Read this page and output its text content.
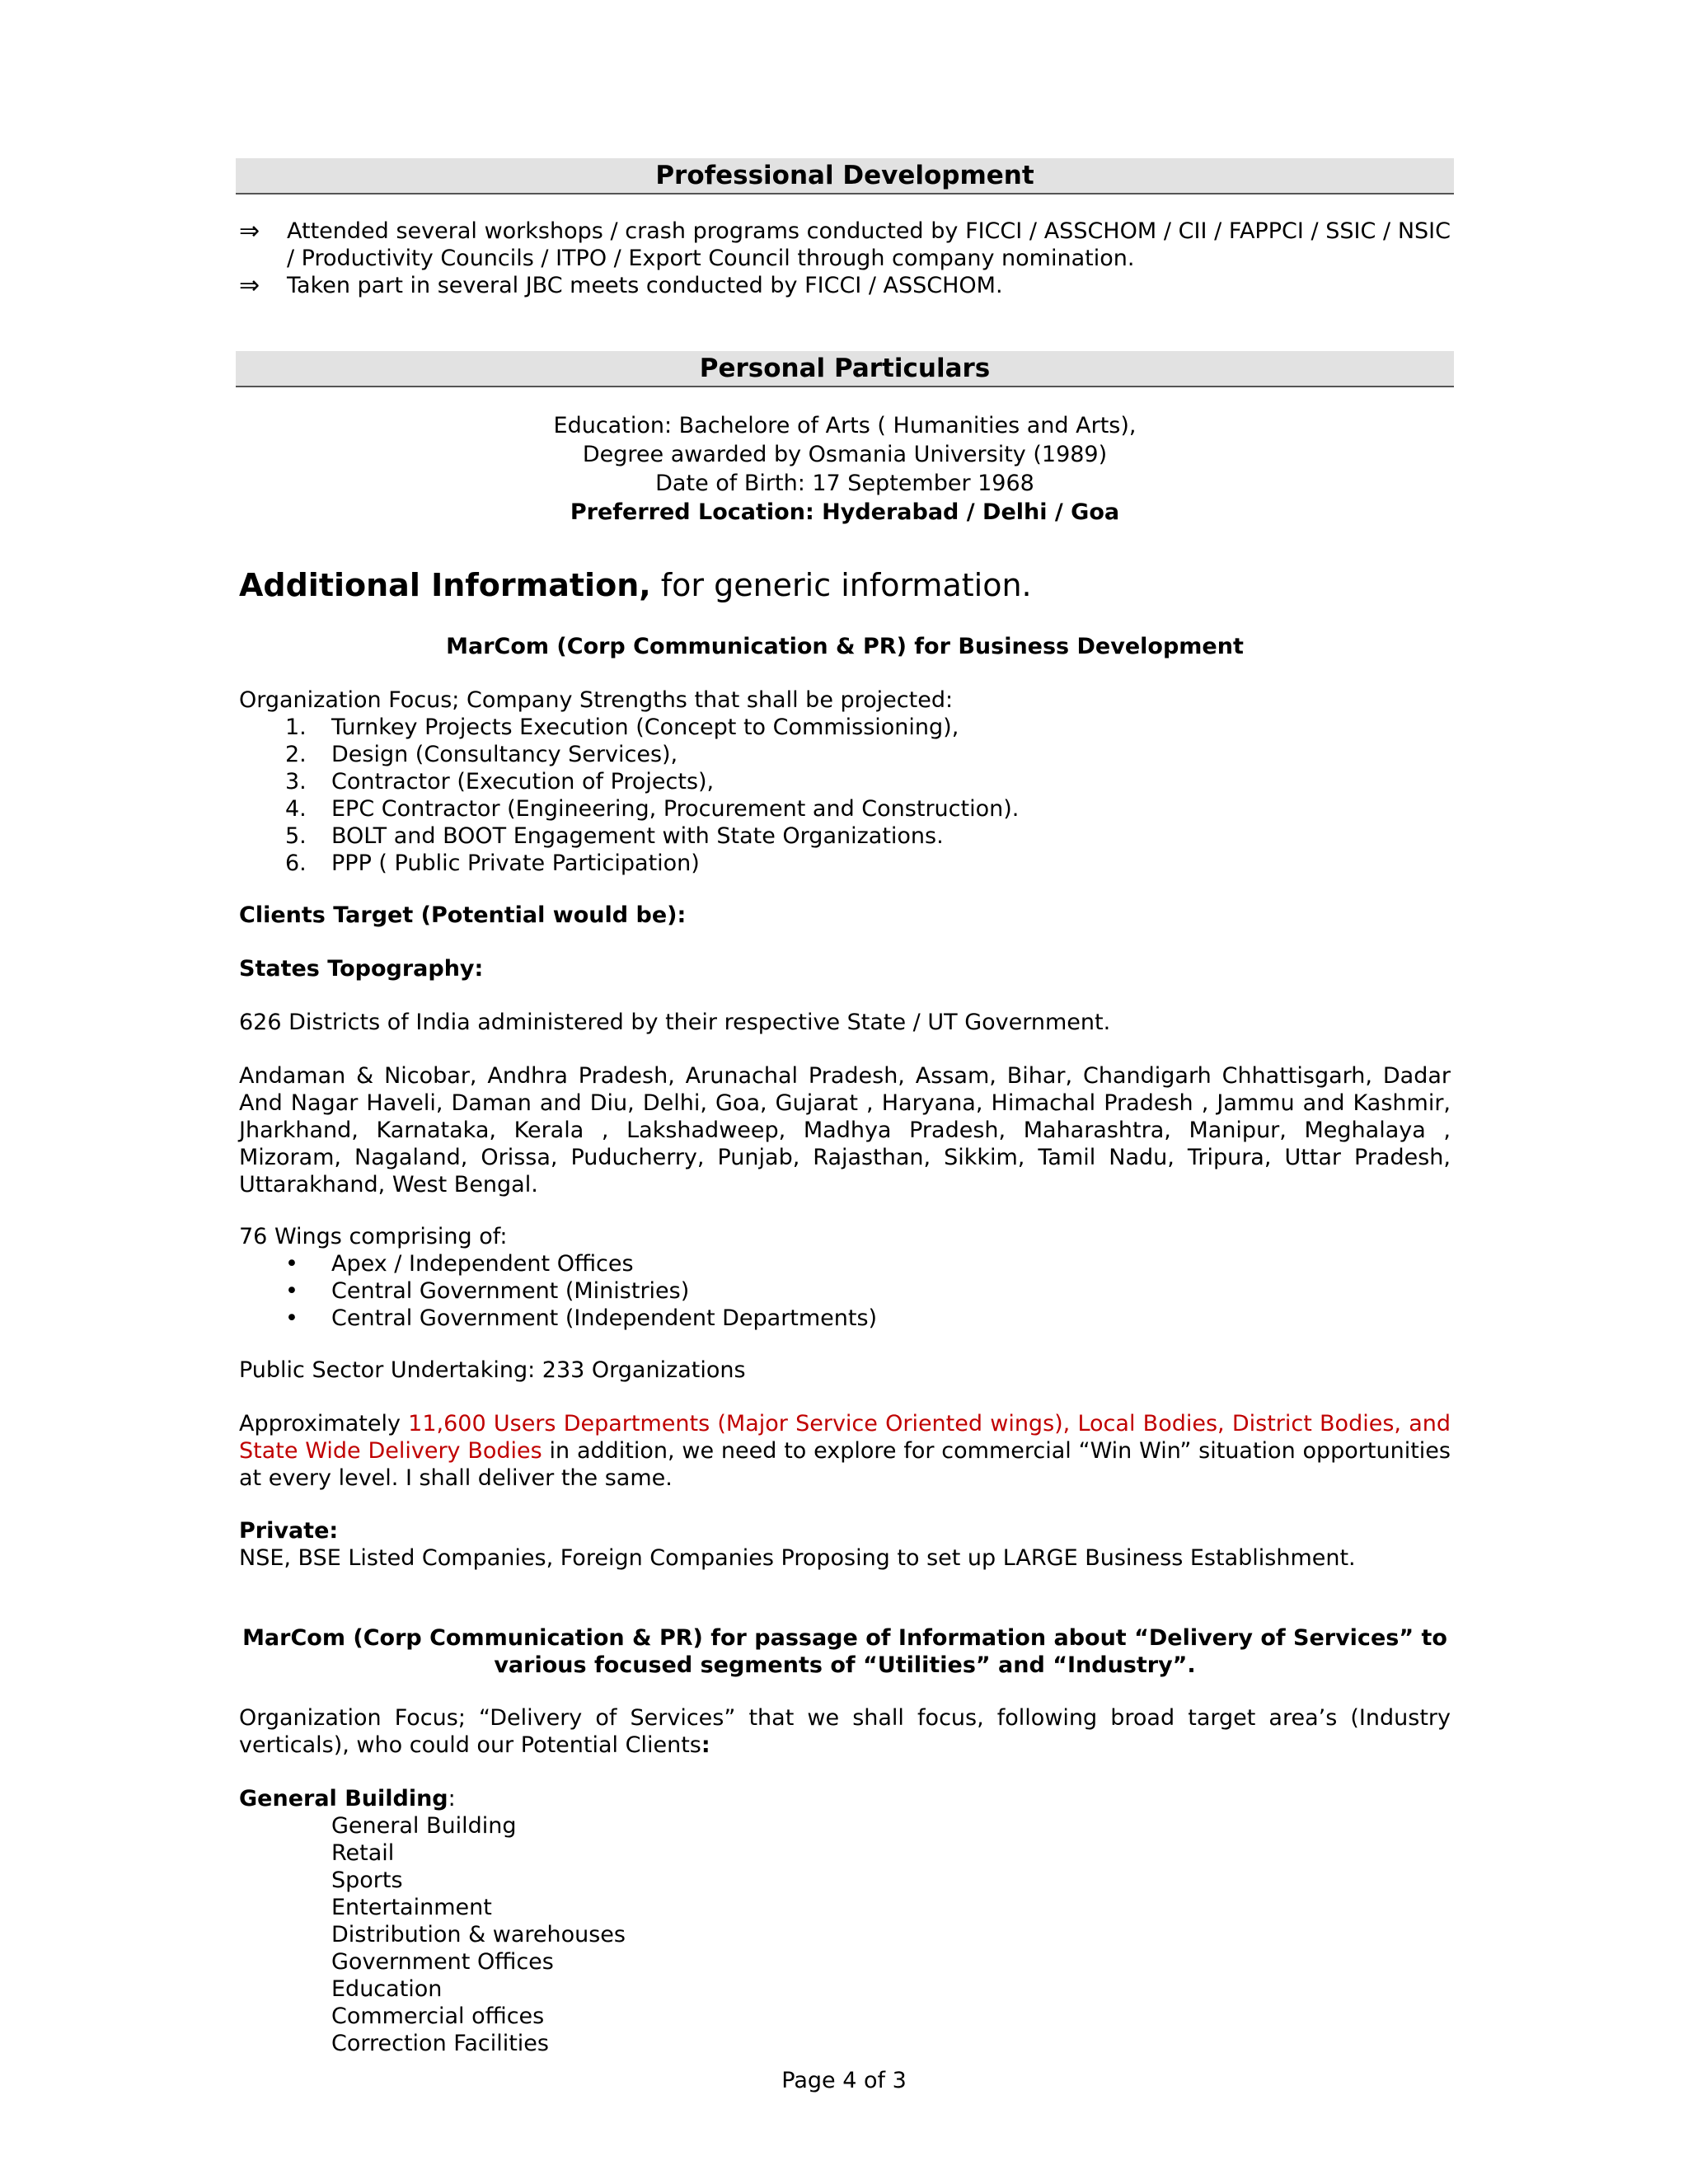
Professional Development
⇒ Attended several workshops / crash programs conducted by FICCI / ASSCHOM / CII / FAPPCI / SSIC / NSIC / Productivity Councils / ITPO / Export Council through company nomination.
⇒ Taken part in several JBC meets conducted by FICCI / ASSCHOM.
Personal Particulars
Education: Bachelore of Arts ( Humanities and Arts),
Degree awarded by Osmania University (1989)
Date of Birth: 17 September 1968
Preferred Location: Hyderabad / Delhi / Goa
Additional Information, for generic information.
MarCom (Corp Communication & PR) for Business Development
Organization Focus; Company Strengths that shall be projected:
1. Turnkey Projects Execution (Concept to Commissioning),
2. Design (Consultancy Services),
3. Contractor (Execution of Projects),
4. EPC Contractor (Engineering, Procurement and Construction).
5. BOLT and BOOT Engagement with State Organizations.
6. PPP ( Public Private Participation)
Clients Target (Potential would be):
States Topography:
626 Districts of India administered by their respective State / UT Government.
Andaman & Nicobar, Andhra Pradesh, Arunachal Pradesh, Assam, Bihar, Chandigarh Chhattisgarh, Dadar And Nagar Haveli, Daman and Diu, Delhi, Goa, Gujarat , Haryana, Himachal Pradesh , Jammu and Kashmir, Jharkhand, Karnataka, Kerala , Lakshadweep, Madhya Pradesh, Maharashtra, Manipur, Meghalaya , Mizoram, Nagaland, Orissa, Puducherry, Punjab, Rajasthan, Sikkim, Tamil Nadu, Tripura, Uttar Pradesh, Uttarakhand, West Bengal.
76 Wings comprising of:
• Apex / Independent Offices
• Central Government (Ministries)
• Central Government (Independent Departments)
Public Sector Undertaking: 233 Organizations
Approximately 11,600 Users Departments (Major Service Oriented wings), Local Bodies, District Bodies, and State Wide Delivery Bodies in addition, we need to explore for commercial “Win Win” situation opportunities at every level. I shall deliver the same.
Private:
NSE, BSE Listed Companies, Foreign Companies Proposing to set up LARGE Business Establishment.
MarCom (Corp Communication & PR) for passage of Information about “Delivery of Services” to
various focused segments of “Utilities” and “Industry”.
Organization Focus; “Delivery of Services” that we shall focus, following broad target area’s (Industry verticals), who could our Potential Clients:
General Building:
General Building
Retail
Sports
Entertainment
Distribution & warehouses
Government Offices
Education
Commercial offices
Correction Facilities
Page 4 of 3
